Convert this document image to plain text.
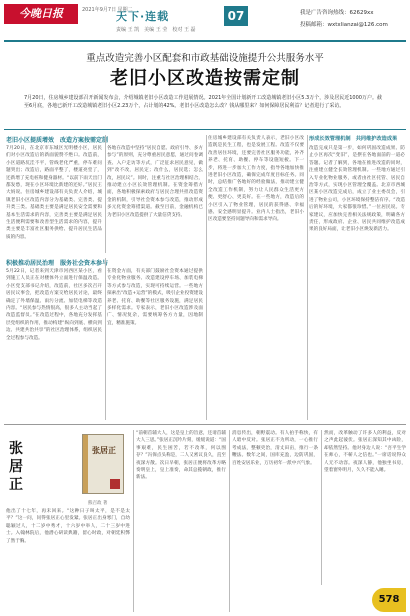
今晚日报	2021年9月7日 星期二
天下·连载	07
责编 王 凯　美编 王 莹　校对 王 磊
我是广告咨询热线：62629xx
投稿邮箱：wxtxlianzai@126.com
重点改造完善小区配套和市政基础设施提升公共服务水平
老旧小区改造按需定制
7月20日，住房城乡建设部召开新闻发布会，介绍城镇老旧小区改造工作进展情况。2021年全国计划新开工改造城镇老旧小区5.3万个，涉及居民近1000万户。截至6月底，各地已新开工改造城镇老旧小区2.23万个，占计划的42%。老旧小区改造怎么改？钱从哪里来？如何保障居民利益？记者进行了采访。
老旧小区提质增效　改造方案按需定制
7月20日，在北京市东城区光明楼小区，居民们对小区改造后的新面貌赞不绝口。改造前，小区道路坑洼不平，管线老化严重，停车难问题突出；改造后，路面平整了，楼道亮堂了，还新增了充电桩和健身器材。“以前下雨天出门都发愁，现在小区环境比新建的还好。”居民王大妈说。住房城乡建设部有关负责人介绍，城镇老旧小区改造内容分为基础类、完善类、提升类三类。基础类主要是满足居民安全需要和基本生活需求的内容，完善类主要是满足居民生活便利需要和改善型生活需求的内容，提升类主要是丰富社区服务供给、提升居民生活品质的内容。
各地在改造中坚持“居民自愿、政府引导、多方参与”的原则，充分尊重居民意愿，通过问卷调查、入户走访等方式，广泛征求居民意见，做到“改不改，居民定；改什么，居民选；怎么改，居民议”。同时，注重与社区治理相结合，推动建立小区长效管理机制。在资金筹措方面，各地积极探索政府与居民合理共担改造资金的机制，引导社会资本参与改造，推动形成多元化资金筹措渠道。截至目前，金融机构已为老旧小区改造提供了大量信贷支持。
积极推动居民治理　服务社会资本参与
5月22日，记者来到天津市河西区某小区，看到施工人员正在对楼体外立面进行保温改造。小区党支部书记介绍，改造前，社区多次召开居民议事会，把改造方案交给居民讨论，最终确定了外墙保温、雨污分流、加装电梯等改造内容。“居民参与热情很高，很多人主动当起了改造监督员。”在改造过程中，各地充分发挥基层党组织的作用，推动构建“纵向到底、横向到边、共建共治共享”的社区治理体系，组织居民全过程参与改造。
在资金方面，有关部门鼓励社会资本通过提供专业化物业服务、改造建设停车场、加装电梯等方式参与改造，实现可持续运营。一些地方探索出“改造+运营”的模式，吸引企业投资建设养老、托育、助餐等社区服务设施，满足居民多样化需求。专家表示，老旧小区改造涉及面广、情况复杂，需要统筹各方力量，因地制宜，精准施策。
住房城乡建设部有关负责人表示，老旧小区改造既是民生工程，也是发展工程。改造不仅要改善居住环境，还要完善社区服务功能，补齐养老、托育、助餐、停车等设施短板。下一步，将进一步加大工作力度，指导各地加快推进老旧小区改造，确保完成年度目标任务。同时，总结推广各地好的经验做法，推动建立健全改造工作机制，努力让人民群众生活更方便、更舒心、更美好。在一些地方，改造后的小区引入了物业管理，居民的获得感、幸福感、安全感明显提升。业内人士指出，老旧小区改造要坚持问题导向和需求导向。
形成长效管理机制　共同维护改造成果
改造完成只是第一步，如何巩固改造成果、防止小区再次“变旧”，是摆在各地面前的一道必答题。记者了解到，各地在推进改造的同时，注重建立健全长效管理机制。一些地方通过引入专业化物业服务，或者由社区托管、居民自治等方式，实现小区管理全覆盖。北京市西城区某小区改造完成后，成立了业主委员会，引进了物业公司，小区环境保持整洁有序。“改造后的好环境，大家都很珍惜。”一位居民说。专家建议，应加快完善相关法规政策，明确各方责任，形成政府、企业、居民共同维护改造成果的良好局面，让老旧小区焕发新活力。
张居正
张居正
熊召政 著
他出了十七年，再未回来。“这种日子叫太平，是不是太平？”这一问，问得张居正心里发紧。张居正出身寒门，自幼聪颖过人，十二岁中秀才，十六岁中举人，二十三岁中进士。入翰林院后，他潜心研读典籍，留心时政，对朝廷积弊了然于胸。
“前朝首辅大人，这是皇上的旨意，还请首辅大人三思。”张居正沉吟片刻，缓缓说道：“国事艰难，民生困苦，若不改革，何以图存？”冯保点头称是，二人又密议良久，直至夜深方散。次日早朝，张居正便将改革方略奏明皇上，皇上准奏，命其总揽朝政，推行新法。
消息传出，朝野震动。有人拍手称快，有人暗中反对。张居正不为所动，一心推行考成法，整顿吏治，清丈田亩，推行一条鞭法。数年之间，国库充盈，边防巩固，百姓安居乐业，万历初年一派中兴气象。
然而，改革触动了许多人的利益，反对之声此起彼伏。张居正深知其中凶险，却依然坚持。他对身边人说：“吾平生学在师心，不蕲人之信也。”一席话说得众人无不动容。夜深人静，他独坐书房，望着窗外明月，久久不能入睡。
578
